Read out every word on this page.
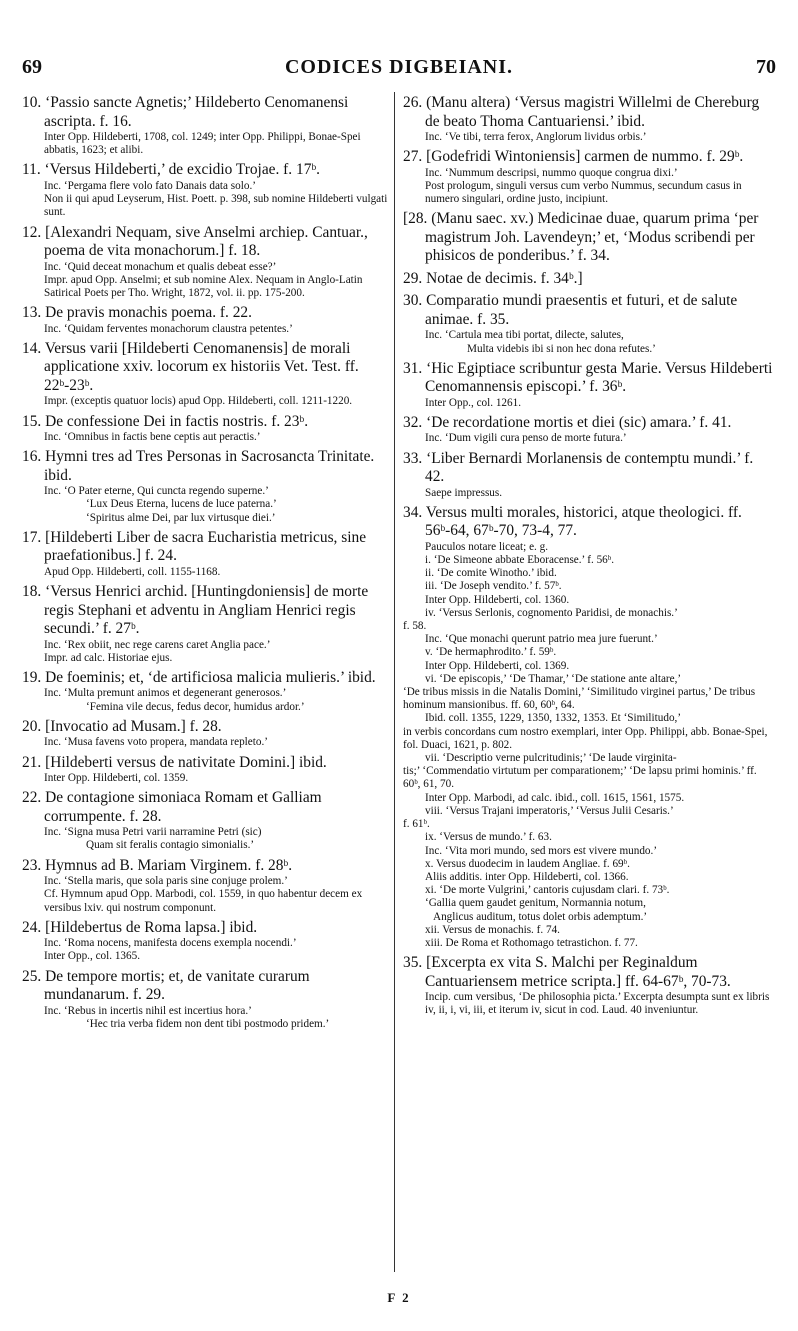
69	CODICES DIGBEIANI.	70
10. ‘Passio sancte Agnetis;’ Hildeberto Cenomanensi ascripta. f. 16.
Inter Opp. Hildeberti, 1708, col. 1249; inter Opp. Philippi, Bonae-Spei abbatis, 1623; et alibi.
11. ‘Versus Hildeberti,’ de excidio Trojae. f. 17ᵇ.
Inc. ‘Pergama flere volo fato Danais data solo.’
Non ii qui apud Leyserum, Hist. Poett. p. 398, sub nomine Hildeberti vulgati sunt.
12. [Alexandri Nequam, sive Anselmi archiep. Cantuar., poema de vita monachorum.] f. 18.
Inc. ‘Quid deceat monachum et qualis debeat esse?’
Impr. apud Opp. Anselmi; et sub nomine Alex. Nequam in Anglo-Latin Satirical Poets per Tho. Wright, 1872, vol. ii. pp. 175-200.
13. De pravis monachis poema. f. 22.
Inc. ‘Quidam ferventes monachorum claustra petentes.’
14. Versus varii [Hildeberti Cenomanensis] de morali applicatione xxiv. locorum ex historiis Vet. Test. ff. 22ᵇ-23ᵇ.
Impr. (exceptis quatuor locis) apud Opp. Hildeberti, coll. 1211-1220.
15. De confessione Dei in factis nostris. f. 23ᵇ.
Inc. ‘Omnibus in factis bene ceptis aut peractis.’
16. Hymni tres ad Tres Personas in Sacrosancta Trinitate. ibid.
Inc. ‘O Pater eterne, Qui cuncta regendo superne.’
‘Lux Deus Eterna, lucens de luce paterna.’
‘Spiritus alme Dei, par lux virtusque diei.’
17. [Hildeberti Liber de sacra Eucharistia metricus, sine praefationibus.] f. 24.
Apud Opp. Hildeberti, coll. 1155-1168.
18. ‘Versus Henrici archid. [Huntingdoniensis] de morte regis Stephani et adventu in Angliam Henrici regis secundi.’ f. 27ᵇ.
Inc. ‘Rex obiit, nec rege carens caret Anglia pace.’
Impr. ad calc. Historiae ejus.
19. De foeminis; et, ‘de artificiosa malicia mulieris.’ ibid.
Inc. ‘Multa premunt animos et degenerant generosos.’
‘Femina vile decus, fedus decor, humidus ardor.’
20. [Invocatio ad Musam.] f. 28.
Inc. ‘Musa favens voto propera, mandata repleto.’
21. [Hildeberti versus de nativitate Domini.] ibid.
Inter Opp. Hildeberti, col. 1359.
22. De contagione simoniaca Romam et Galliam corrumpente. f. 28.
Inc. ‘Signa musa Petri varii narramine Petri (sic)
Quam sit feralis contagio simonialis.’
23. Hymnus ad B. Mariam Virginem. f. 28ᵇ.
Inc. ‘Stella maris, que sola paris sine conjuge prolem.’
Cf. Hymnum apud Opp. Marbodi, col. 1559, in quo habentur decem ex versibus lxiv. qui nostrum componunt.
24. [Hildebertus de Roma lapsa.] ibid.
Inc. ‘Roma nocens, manifesta docens exempla nocendi.’
Inter Opp., col. 1365.
25. De tempore mortis; et, de vanitate curarum mundanarum. f. 29.
Inc. ‘Rebus in incertis nihil est incertius hora.’
‘Hec tria verba fidem non dent tibi postmodo pridem.’
26. (Manu altera) ‘Versus magistri Willelmi de Chereburg de beato Thoma Cantuariensi.’ ibid.
Inc. ‘Ve tibi, terra ferox, Anglorum lividus orbis.’
27. [Godefridi Wintoniensis] carmen de nummo. f. 29ᵇ.
Inc. ‘Nummum descripsi, nummo quoque congrua dixi.’
Post prologum, singuli versus cum verbo Nummus, secundum casus in numero singulari, ordine justo, incipiunt.
[28. (Manu saec. xv.) Medicinae duae, quarum prima ‘per magistrum Joh. Lavendeyn;’ et, ‘Modus scribendi per phisicos de ponderibus.’ f. 34.
29. Notae de decimis. f. 34ᵇ.]
30. Comparatio mundi praesentis et futuri, et de salute animae. f. 35.
Inc. ‘Cartula mea tibi portat, dilecte, salutes,
Multa videbis ibi si non hec dona refutes.’
31. ‘Hic Egiptiace scribuntur gesta Marie. Versus Hildeberti Cenomannensis episcopi.’ f. 36ᵇ.
Inter Opp., col. 1261.
32. ‘De recordatione mortis et diei (sic) amara.’ f. 41.
Inc. ‘Dum vigili cura penso de morte futura.’
33. ‘Liber Bernardi Morlanensis de contemptu mundi.’ f. 42.
Saepe impressus.
34. Versus multi morales, historici, atque theologici. ff. 56ᵇ-64, 67ᵇ-70, 73-4, 77.
Pauculos notare liceat; e. g.
i. ‘De Simeone abbate Eboracense.’ f. 56ᵇ.
ii. ‘De comite Winotho.’ ibid.
iii. ‘De Joseph vendito.’ f. 57ᵇ.
Inter Opp. Hildeberti, col. 1360.
iv. ‘Versus Serlonis, cognomento Paridisi, de monachis.’
f. 58.
Inc. ‘Que monachi querunt patrio mea jure fuerunt.’
v. ‘De hermaphrodito.’ f. 59ᵇ.
Inter Opp. Hildeberti, col. 1369.
vi. ‘De episcopis,’ ‘De Thamar,’ ‘De statione ante altare,’
‘De tribus missis in die Natalis Domini,’ ‘Similitudo virginei partus,’ De tribus hominum mansionibus. ff. 60, 60ᵇ, 64.
Ibid. coll. 1355, 1229, 1350, 1332, 1353. Et ‘Similitudo,’
in verbis concordans cum nostro exemplari, inter Opp. Philippi, abb. Bonae-Spei, fol. Duaci, 1621, p. 802.
vii. ‘Descriptio verne pulcritudinis;’ ‘De laude virginita-
tis;’ ‘Commendatio virtutum per comparationem;’ ‘De lapsu primi hominis.’ ff. 60ᵇ, 61, 70.
Inter Opp. Marbodi, ad calc. ibid., coll. 1615, 1561, 1575.
viii. ‘Versus Trajani imperatoris,’ ‘Versus Julii Cesaris.’
f. 61ᵇ.
ix. ‘Versus de mundo.’ f. 63.
Inc. ‘Vita mori mundo, sed mors est vivere mundo.’
x. Versus duodecim in laudem Angliae. f. 69ᵇ.
Aliis additis. inter Opp. Hildeberti, col. 1366.
xi. ‘De morte Vulgrini,’ cantoris cujusdam clari. f. 73ᵇ.
‘Gallia quem gaudet genitum, Normannia notum,
Anglicus auditum, totus dolet orbis ademptum.’
xii. Versus de monachis. f. 74.
xiii. De Roma et Rothomago tetrastichon. f. 77.
35. [Excerpta ex vita S. Malchi per Reginaldum Cantuariensem metrice scripta.] ff. 64-67ᵇ, 70-73.
Incip. cum versibus, ‘De philosophia picta.’ Excerpta desumpta sunt ex libris iv, ii, i, vi, iii, et iterum iv, sicut in cod. Laud. 40 inveniuntur.
F 2
